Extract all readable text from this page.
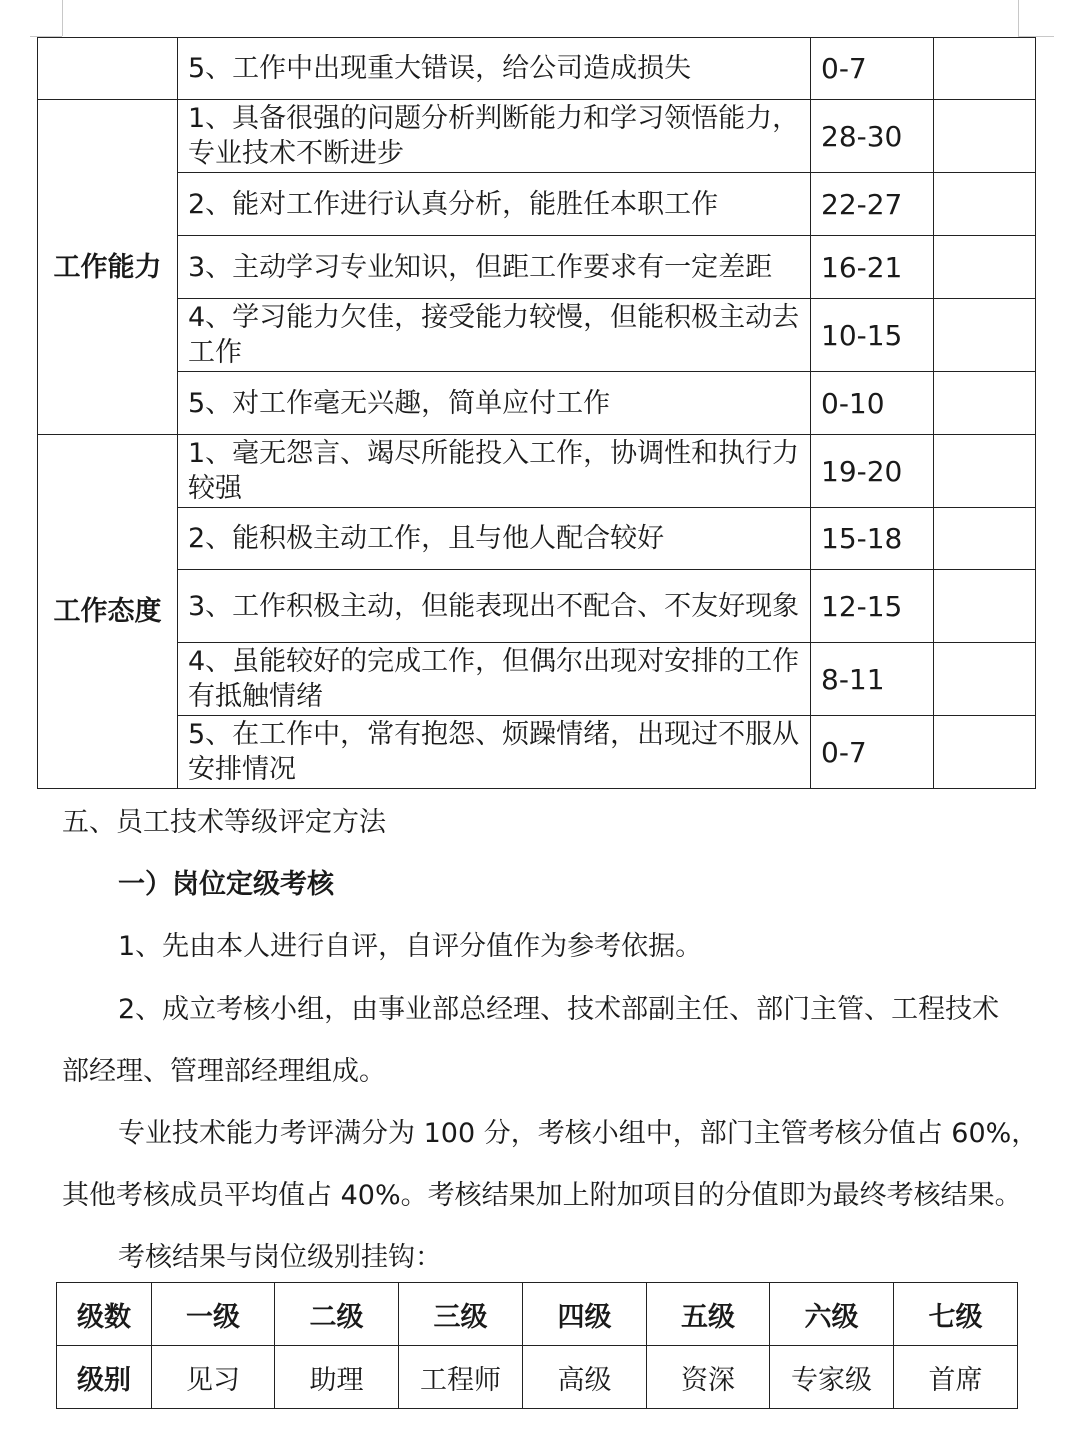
	5、工作中出现重大错误，给公司造成损失	0-7	
工作能力	1、具备很强的问题分析判断能力和学习领悟能力，专业技术不断进步	28-30	
	2、能对工作进行认真分析，能胜任本职工作	22-27	
	3、主动学习专业知识，但距工作要求有一定差距	16-21	
	4、学习能力欠佳，接受能力较慢，但能积极主动去工作	10-15	
	5、对工作毫无兴趣，简单应付工作	0-10	
工作态度	1、毫无怨言、竭尽所能投入工作，协调性和执行力较强	19-20	
	2、能积极主动工作，且与他人配合较好	15-18	
	3、工作积极主动，但能表现出不配合、不友好现象	12-15	
	4、虽能较好的完成工作，但偶尔出现对安排的工作有抵触情绪	8-11	
	5、在工作中，常有抱怨、烦躁情绪，出现过不服从安排情况	0-7	
五、员工技术等级评定方法
一）岗位定级考核
1、先由本人进行自评，自评分值作为参考依据。
2、成立考核小组，由事业部总经理、技术部副主任、部门主管、工程技术
部经理、管理部经理组成。
专业技术能力考评满分为 100 分，考核小组中，部门主管考核分值占 60%，
其他考核成员平均值占 40%。考核结果加上附加项目的分值即为最终考核结果。
考核结果与岗位级别挂钩：
级数	一级	二级	三级	四级	五级	六级	七级
级别	见习	助理	工程师	高级	资深	专家级	首席
